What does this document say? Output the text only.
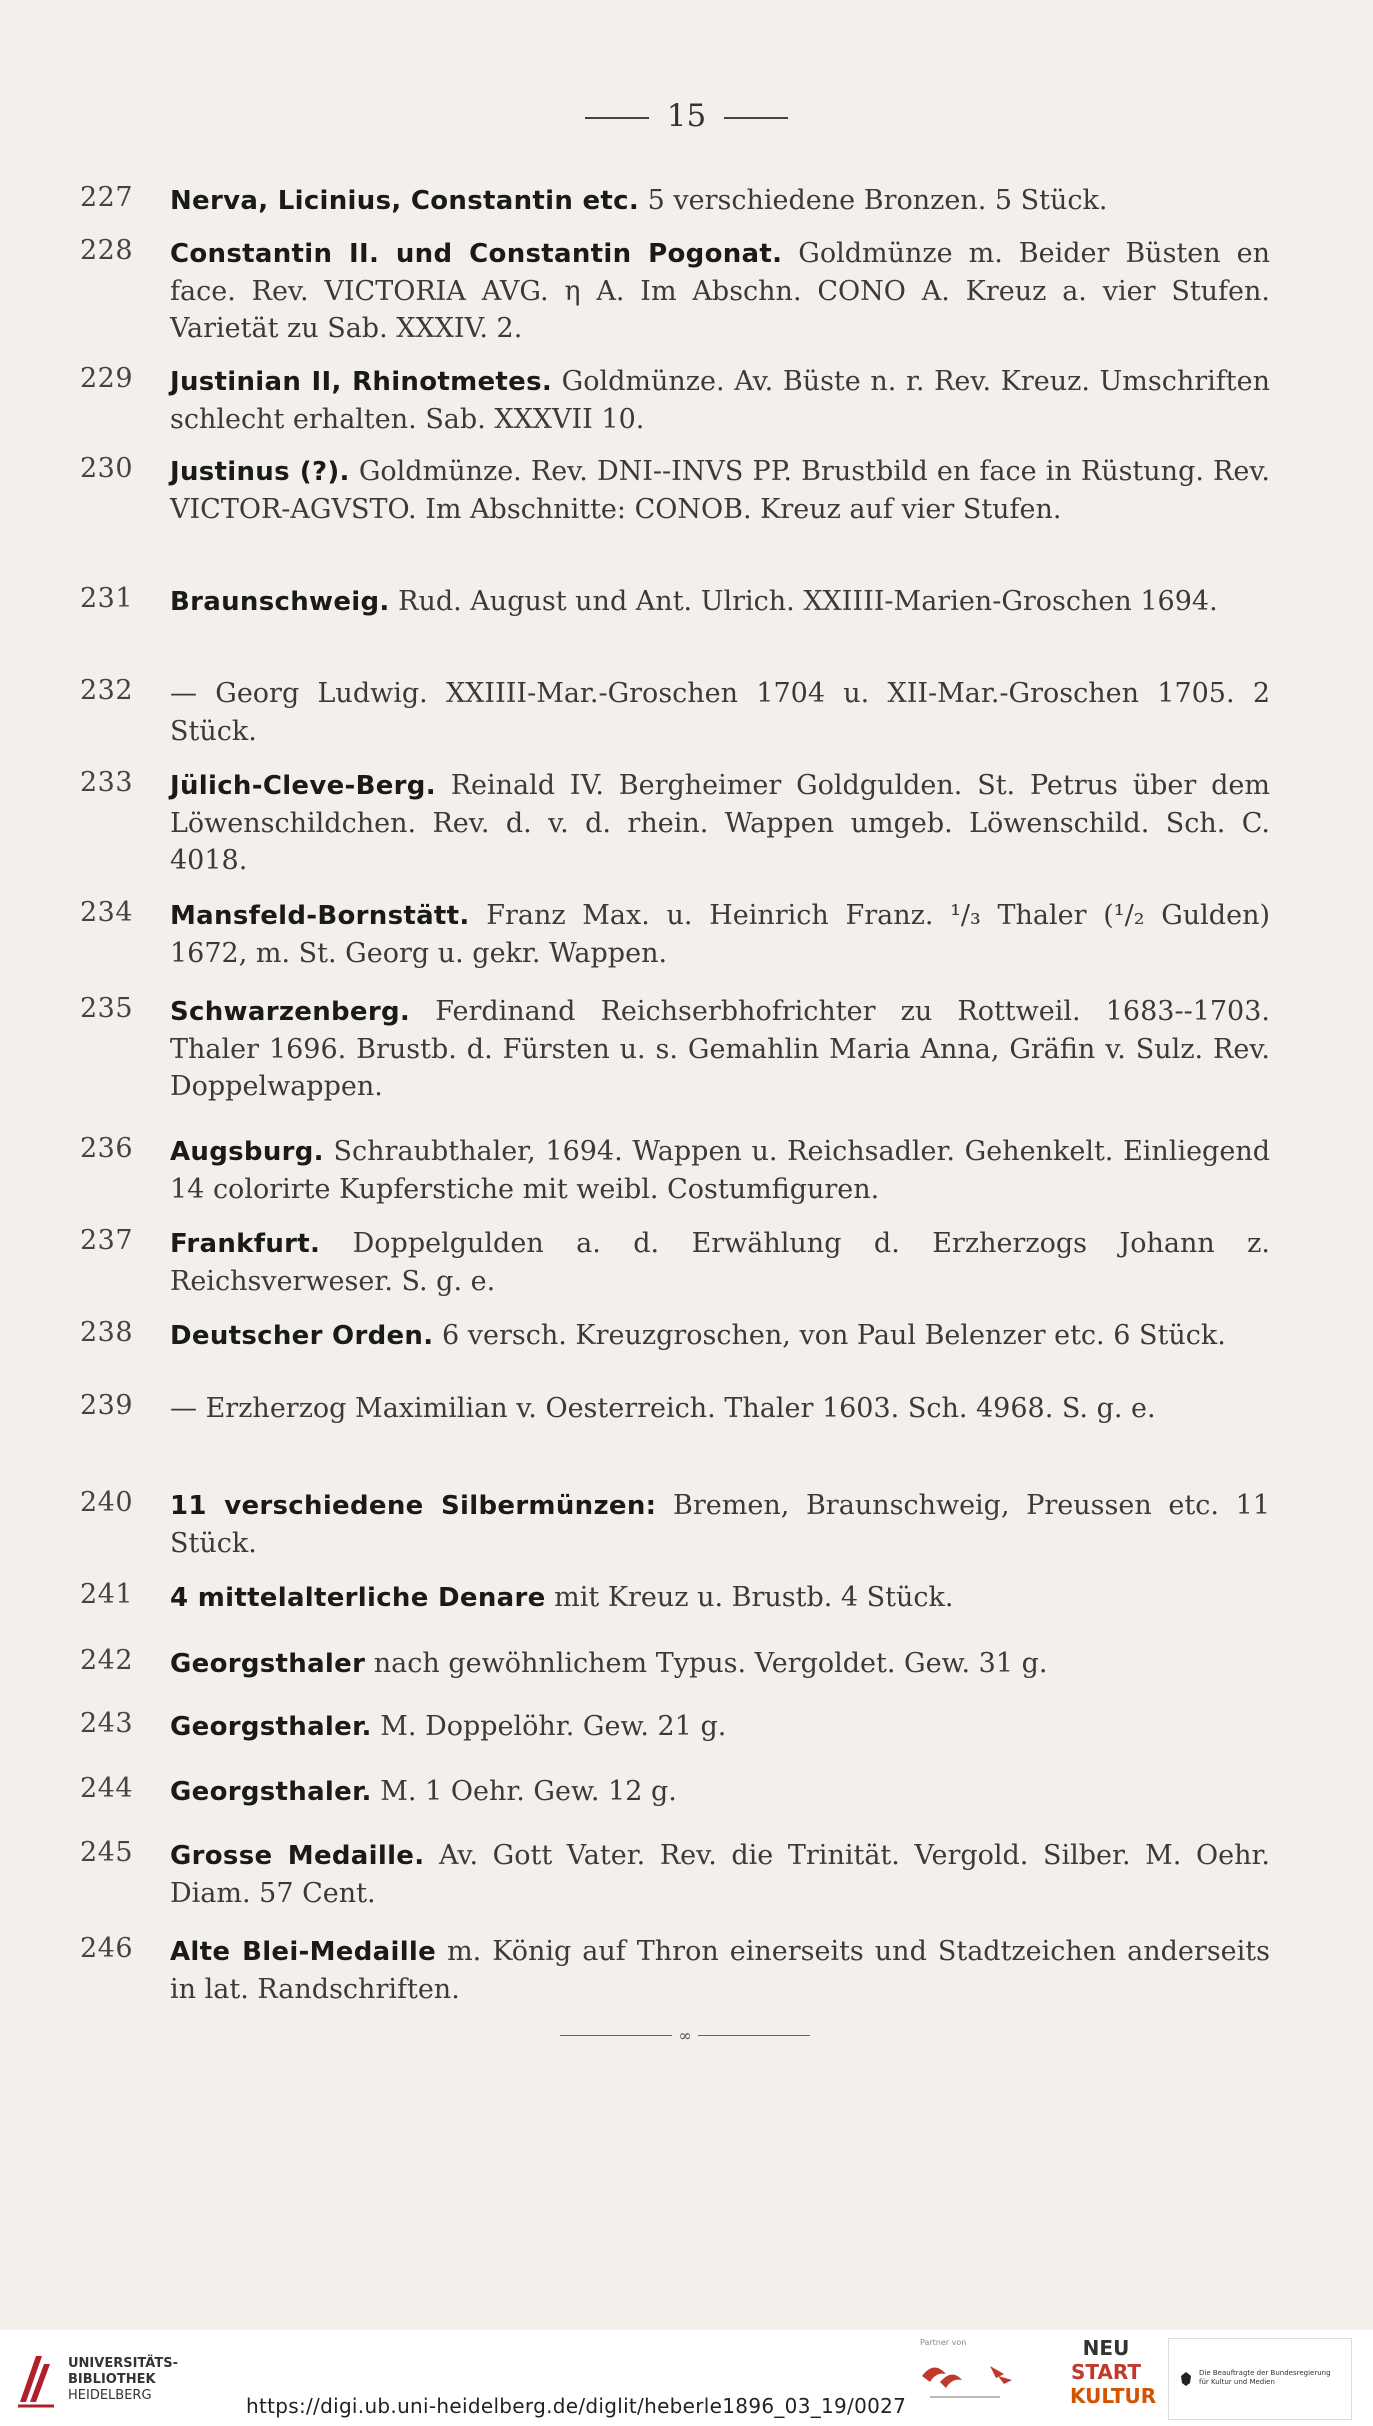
15
227 Nerva, Licinius, Constantin etc. 5 verschiedene Bronzen. 5 Stück.
228 Constantin II. und Constantin Pogonat. Goldmünze m. Beider Büsten en face. Rev. VICTORIA AVG. η A. Im Abschn. CONO A. Kreuz a. vier Stufen. Varietät zu Sab. XXXIV. 2.
229 Justinian II, Rhinotmetes. Goldmünze. Av. Büste n. r. Rev. Kreuz. Umschriften schlecht erhalten. Sab. XXXVII 10.
230 Justinus (?). Goldmünze. Rev. DNI--INVS PP. Brustbild en face in Rüstung. Rev. VICTOR-AGVSTO. Im Abschnitte: CONOB. Kreuz auf vier Stufen.
231 Braunschweig. Rud. August und Ant. Ulrich. XXIIII-Marien-Groschen 1694.
232 — Georg Ludwig. XXIIII-Mar.-Groschen 1704 u. XII-Mar.-Groschen 1705. 2 Stück.
233 Jülich-Cleve-Berg. Reinald IV. Bergheimer Goldgulden. St. Petrus über dem Löwenschildchen. Rev. d. v. d. rhein. Wappen umgeb. Löwenschild. Sch. C. 4018.
234 Mansfeld-Bornstätt. Franz Max. u. Heinrich Franz. ¹/₃ Thaler (¹/₂ Gulden) 1672, m. St. Georg u. gekr. Wappen.
235 Schwarzenberg. Ferdinand Reichserbhofrichter zu Rottweil. 1683--1703. Thaler 1696. Brustb. d. Fürsten u. s. Gemahlin Maria Anna, Gräfin v. Sulz. Rev. Doppelwappen.
236 Augsburg. Schraubthaler, 1694. Wappen u. Reichsadler. Gehenkelt. Einliegend 14 colorirte Kupferstiche mit weibl. Costumfiguren.
237 Frankfurt. Doppelgulden a. d. Erwählung d. Erzherzogs Johann z. Reichsverweser. S. g. e.
238 Deutscher Orden. 6 versch. Kreuzgroschen, von Paul Belenzer etc. 6 Stück.
239 — Erzherzog Maximilian v. Oesterreich. Thaler 1603. Sch. 4968. S. g. e.
240 11 verschiedene Silbermünzen: Bremen, Braunschweig, Preussen etc. 11 Stück.
241 4 mittelalterliche Denare mit Kreuz u. Brustb. 4 Stück.
242 Georgsthaler nach gewöhnlichem Typus. Vergoldet. Gew. 31 g.
243 Georgsthaler. M. Doppelöhr. Gew. 21 g.
244 Georgsthaler. M. 1 Oehr. Gew. 12 g.
245 Grosse Medaille. Av. Gott Vater. Rev. die Trinität. Vergold. Silber. M. Oehr. Diam. 57 Cent.
246 Alte Blei-Medaille m. König auf Thron einerseits und Stadtzeichen anderseits in lat. Randschriften.
∞
UNIVERSITÄTS-
BIBLIOTHEK
HEIDELBERG	https://digi.ub.uni-heidelberg.de/diglit/heberle1896_03_19/0027
Partner von	NEU
START
KULTUR
Die Beauftragte der Bundesregierung für Kultur und Medien
